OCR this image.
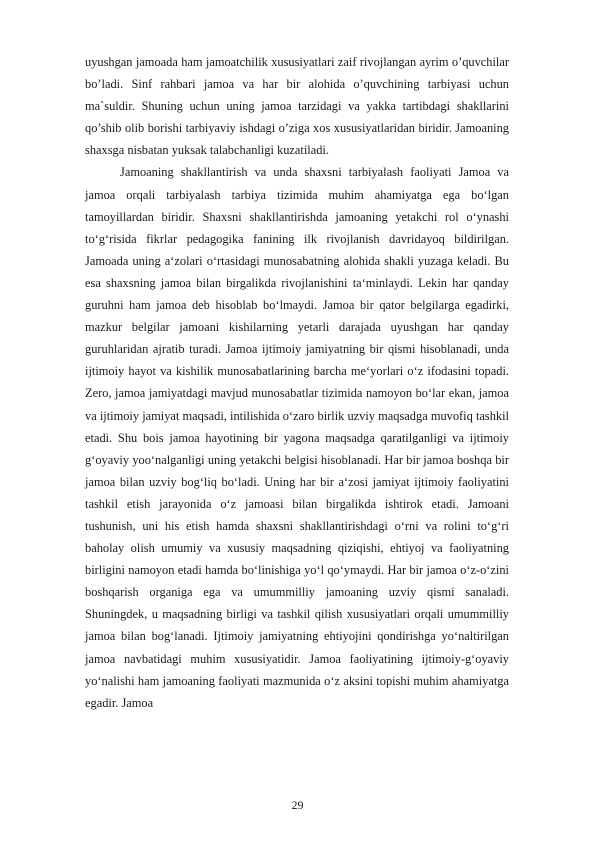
uyushgan jamoada ham jamoatchilik xususiyatlari zaif rivojlangan ayrim o’quvchilar bo’ladi. Sinf rahbari jamoa va har bir alohida o’quvchining tarbiyasi uchun ma`suldir. Shuning uchun uning jamoa tarzidagi va yakka tartibdagi shakllarini qo’shib olib borishi tarbiyaviy ishdagi o’ziga xos xususiyatlaridan biridir. Jamoaning shaxsga nisbatan yuksak talabchanligi kuzatiladi.

Jamoaning shakllantirish va unda shaxsni tarbiyalash faoliyati Jamoa va jamoa orqali tarbiyalash tarbiya tizimida muhim ahamiyatga ega bo‘lgan tamoyillardan biridir. Shaxsni shakllantirishda jamoaning yetakchi rol o‘ynashi to‘g‘risida fikrlar pedagogika fanining ilk rivojlanish davridayoq bildirilgan. Jamoada uning a‘zolari o‘rtasidagi munosabatning alohida shakli yuzaga keladi. Bu esa shaxsning jamoa bilan birgalikda rivojlanishini ta‘minlaydi. Lekin har qanday guruhni ham jamoa deb hisoblab bo‘lmaydi. Jamoa bir qator belgilarga egadirki, mazkur belgilar jamoani kishilarning yetarli darajada uyushgan har qanday guruhlaridan ajratib turadi. Jamoa ijtimoiy jamiyatning bir qismi hisoblanadi, unda ijtimoiy hayot va kishilik munosabatlarining barcha me‘yorlari o‘z ifodasini topadi. Zero, jamoa jamiyatdagi mavjud munosabatlar tizimida namoyon bo‘lar ekan, jamoa va ijtimoiy jamiyat maqsadi, intilishida o‘zaro birlik uzviy maqsadga muvofiq tashkil etadi. Shu bois jamoa hayotining bir yagona maqsadga qaratilganligi va ijtimoiy g‘oyaviy yoo‘nalganligi uning yetakchi belgisi hisoblanadi. Har bir jamoa boshqa bir jamoa bilan uzviy bog‘liq bo‘ladi. Uning har bir a‘zosi jamiyat ijtimoiy faoliyatini tashkil etish jarayonida o‘z jamoasi bilan birgalikda ishtirok etadi. Jamoani tushunish, uni his etish hamda shaxsni shakllantirishdagi o‘rni va rolini to‘g‘ri baholay olish umumiy va xususiy maqsadning qiziqishi, ehtiyoj va faoliyatning birligini namoyon etadi hamda bo‘linishiga yo‘l qo‘ymaydi. Har bir jamoa o‘z-o‘zini boshqarish organiga ega va umummilliy jamoaning uzviy qismi sanaladi. Shuningdek, u maqsadning birligi va tashkil qilish xususiyatlari orqali umummilliy jamoa bilan bog‘lanadi. Ijtimoiy jamiyatning ehtiyojini qondirishga yo‘naltirilgan jamoa navbatidagi muhim xususiyatidir. Jamoa faoliyatining ijtimoiy-g‘oyaviy yo‘nalishi ham jamoaning faoliyati mazmunida o‘z aksini topishi muhim ahamiyatga egadir. Jamoa

29
